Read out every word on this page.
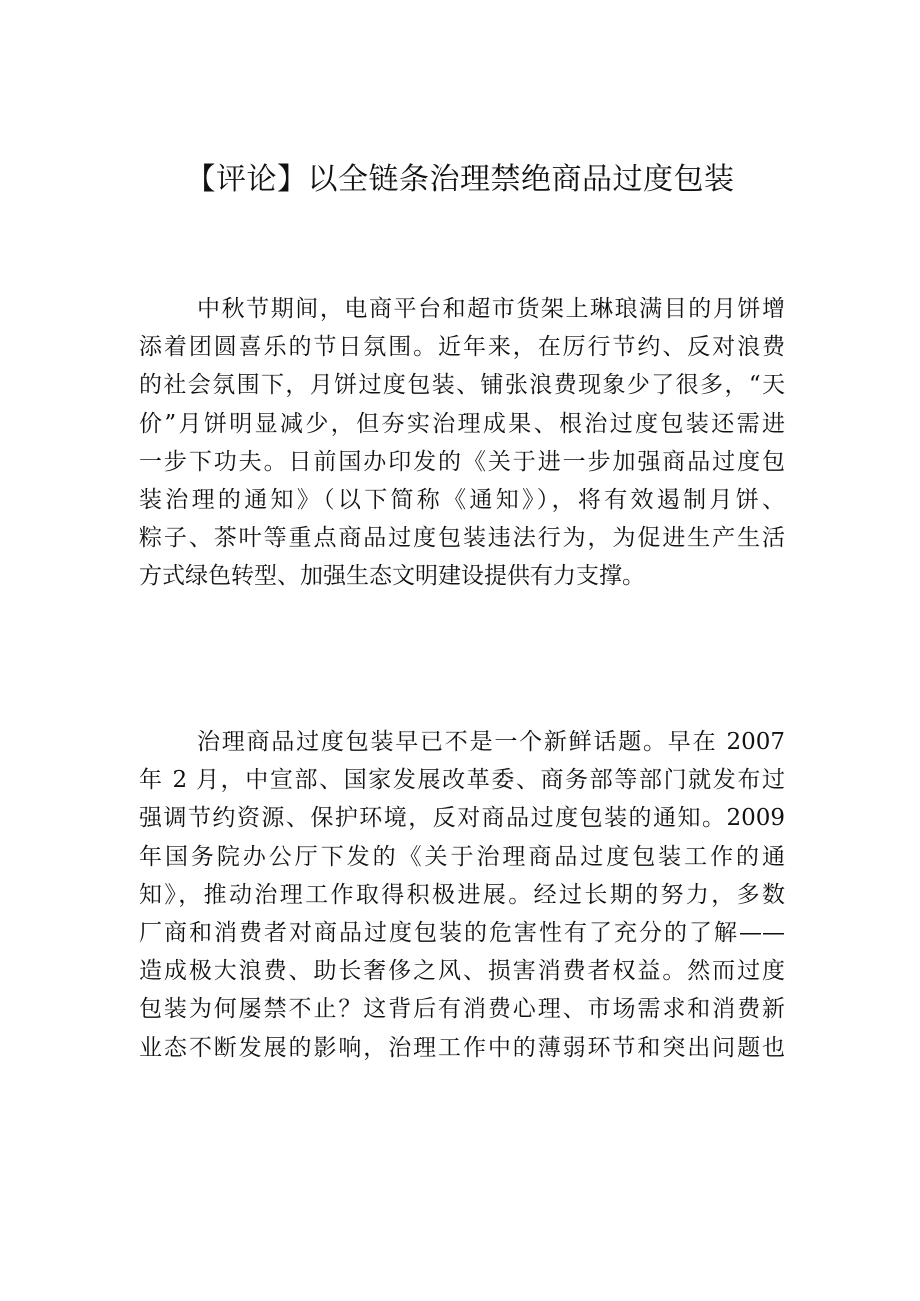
【评论】以全链条治理禁绝商品过度包装
中秋节期间，电商平台和超市货架上琳琅满目的月饼增
添着团圆喜乐的节日氛围。近年来，在厉行节约、反对浪费
的社会氛围下，月饼过度包装、铺张浪费现象少了很多，“天
价”月饼明显减少，但夯实治理成果、根治过度包装还需进
一步下功夫。日前国办印发的《关于进一步加强商品过度包
装治理的通知》（以下简称《通知》），将有效遏制月饼、
粽子、茶叶等重点商品过度包装违法行为，为促进生产生活
方式绿色转型、加强生态文明建设提供有力支撑。
治理商品过度包装早已不是一个新鲜话题。早在 2007
年 2 月，中宣部、国家发展改革委、商务部等部门就发布过
强调节约资源、保护环境，反对商品过度包装的通知。2009
年国务院办公厅下发的《关于治理商品过度包装工作的通
知》，推动治理工作取得积极进展。经过长期的努力，多数
厂商和消费者对商品过度包装的危害性有了充分的了解——
造成极大浪费、助长奢侈之风、损害消费者权益。然而过度
包装为何屡禁不止？这背后有消费心理、市场需求和消费新
业态不断发展的影响，治理工作中的薄弱环节和突出问题也
